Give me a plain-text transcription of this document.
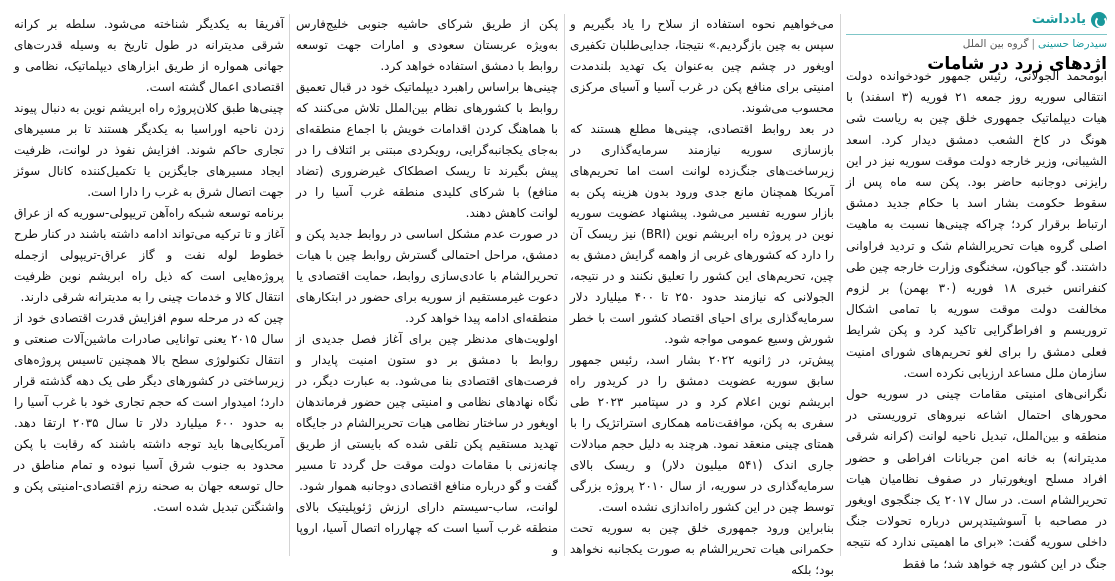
یادداشت
سیدرضا حسینی|گروه بین الملل
اژدهای زرد در شامات

ابومحمد الجولانی، رئیس جمهور خودخوانده دولت انتقالی سوریه روز جمعه ۲۱ فوریه (۳ اسفند) با هیات دیپلماتیک جمهوری خلق چین به ریاست شی هونگ در کاخ الشعب دمشق دیدار کرد. اسعد الشیبانی، وزیر خارجه دولت موقت سوریه نیز در این رایزنی دوجانبه حاضر بود. پکن سه ماه پس از سقوط حکومت بشار اسد با حکام جدید دمشق ارتباط برقرار کرد؛ چراکه چینی‌ها نسبت به ماهیت اصلی گروه هیات تحریرالشام شک و تردید فراوانی داشتند. گو جیاکون، سخنگوی وزارت خارجه چین طی کنفرانس خبری ۱۸ فوریه (۳۰ بهمن) بر لزوم مخالفت دولت موقت سوریه با تمامی اشکال تروریسم و افراط‌گرایی تاکید کرد و پکن شرایط فعلی دمشق را برای لغو تحریم‌های شورای امنیت سازمان ملل مساعد ارزیابی نکرده است.

نگرانی‌های امنیتی مقامات چینی در سوریه حول محورهای احتمال اشاعه نیروهای تروریستی در منطقه و بین‌الملل، تبدیل ناحیه لوانت (کرانه شرقی مدیترانه) به خانه امن جریانات افراطی و حضور افراد مسلح اویغورتبار در صفوف نظامیان هیات تحریرالشام است. در سال ۲۰۱۷ یک جنگجوی اویغور در مصاحبه با آسوشیتدپرس درباره تحولات جنگ داخلی سوریه گفت: «برای ما اهمیتی ندارد که نتیجه جنگ در این کشور چه خواهد شد؛ ما فقط

می‌خواهیم نحوه استفاده از سلاح را یاد بگیریم و سپس به چین بازگردیم.» نتیجتا، جدایی‌طلبان تکفیری اویغور در چشم چین به‌عنوان یک تهدید بلندمدت امنیتی برای منافع پکن در غرب آسیا و آسیای مرکزی محسوب می‌شوند.

در بعد روابط اقتصادی، چینی‌ها مطلع هستند که بازسازی سوریه نیازمند سرمایه‌گذاری در زیرساخت‌های جنگ‌زده لوانت است اما تحریم‌های آمریکا همچنان مانع جدی ورود بدون هزینه پکن به بازار سوریه تفسیر می‌شود. پیشنهاد عضویت سوریه نوین در پروژه راه ابریشم نوین (BRI) نیز ریسک آن را دارد که کشورهای غربی از واهمه گرایش دمشق به چین، تحریم‌های این کشور را تعلیق نکنند و در نتیجه، الجولانی که نیازمند حدود ۲۵۰ تا ۴۰۰ میلیارد دلار سرمایه‌گذاری برای احیای اقتصاد کشور است با خطر شورش وسیع عمومی مواجه شود.

پیش‌تر، در ژانویه ۲۰۲۲ بشار اسد، رئیس جمهور سابق سوریه عضویت دمشق را در کریدور راه ابریشم نوین اعلام کرد و در سپتامبر ۲۰۲۳ طی سفری به پکن، موافقت‌نامه همکاری استراتژیک را با همتای چینی منعقد نمود. هرچند به دلیل حجم مبادلات جاری اندک (۵۴۱ میلیون دلار) و ریسک بالای سرمایه‌گذاری در سوریه، از سال ۲۰۱۰ پروژه بزرگی توسط چین در این کشور راه‌اندازی نشده است.

بنابراین ورود جمهوری خلق چین به سوریه تحت حکمرانی هیات تحریرالشام به صورت یکجانبه نخواهد بود؛ بلکه

پکن از طریق شرکای حاشیه جنوبی خلیج‌فارس به‌ویژه عربستان سعودی و امارات جهت توسعه روابط با دمشق استفاده خواهد کرد.

چینی‌ها براساس راهبرد دیپلماتیک خود در قبال تعمیق روابط با کشورهای نظام بین‌الملل تلاش می‌کنند که با هماهنگ کردن اقدامات خویش با اجماع منطقه‌ای به‌جای یکجانبه‌گرایی، رویکردی مبتنی بر ائتلاف را در پیش بگیرند تا ریسک اصطکاک غیرضروری (تضاد منافع) با شرکای کلیدی منطقه غرب آسیا را در لوانت کاهش دهند.

در صورت عدم مشکل اساسی در روابط جدید پکن و دمشق، مراحل احتمالی گسترش روابط چین با هیات تحریرالشام با عادی‌سازی روابط، حمایت اقتصادی یا دعوت غیرمستقیم از سوریه برای حضور در ابتکارهای منطقه‌ای ادامه پیدا خواهد کرد.

اولویت‌های مدنظر چین برای آغاز فصل جدیدی از روابط با دمشق بر دو ستون امنیت پایدار و فرصت‌های اقتصادی بنا می‌شود. به عبارت دیگر، در نگاه نهادهای نظامی و امنیتی چین حضور فرماندهان اویغور در ساختار نظامی هیات تحریرالشام در جایگاه تهدید مستقیم پکن تلقی شده که بایستی از طریق چانه‌زنی با مقامات دولت موقت حل گردد تا مسیر گفت و گو درباره منافع اقتصادی دوجانبه هموار شود.

لوانت، ساب-سیستم دارای ارزش ژئوپلیتیک بالای منطقه غرب آسیا است که چهارراه اتصال آسیا، اروپا و

آفریقا به یکدیگر شناخته می‌شود. سلطه بر کرانه شرقی مدیترانه در طول تاریخ به وسیله قدرت‌های جهانی همواره از طریق ابزارهای دیپلماتیک، نظامی و اقتصادی اعمال گشته است.

چینی‌ها طبق کلان‌پروژه راه ابریشم نوین به دنبال پیوند زدن ناحیه اوراسیا به یکدیگر هستند تا بر مسیرهای تجاری حاکم شوند. افزایش نفوذ در لوانت، ظرفیت ایجاد مسیرهای جایگزین یا تکمیل‌کننده کانال سوئز جهت اتصال شرق به غرب را دارا است.

برنامه توسعه شبکه راه‌آهن تریپولی-سوریه که از عراق آغاز و تا ترکیه می‌تواند ادامه داشته باشند در کنار طرح خطوط لوله نفت و گاز عراق-تریپولی ازجمله پروژه‌هایی است که ذیل راه ابریشم نوین ظرفیت انتقال کالا و خدمات چینی را به مدیترانه شرقی دارند.

چین که در مرحله سوم افزایش قدرت اقتصادی خود از سال ۲۰۱۵ یعنی توانایی صادرات ماشین‌آلات صنعتی و انتقال تکنولوژی سطح بالا همچنین تاسیس پروژه‌های زیرساختی در کشورهای دیگر طی یک دهه گذشته قرار دارد؛ امیدوار است که حجم تجاری خود با غرب آسیا را به حدود ۶۰۰ میلیارد دلار تا سال ۲۰۳۵ ارتقا دهد. آمریکایی‌ها باید توجه داشته باشند که رقابت با پکن محدود به جنوب شرق آسیا نبوده و تمام مناطق در حال توسعه جهان به صحنه رزم اقتصادی-امنیتی پکن و واشنگتن تبدیل شده است.
